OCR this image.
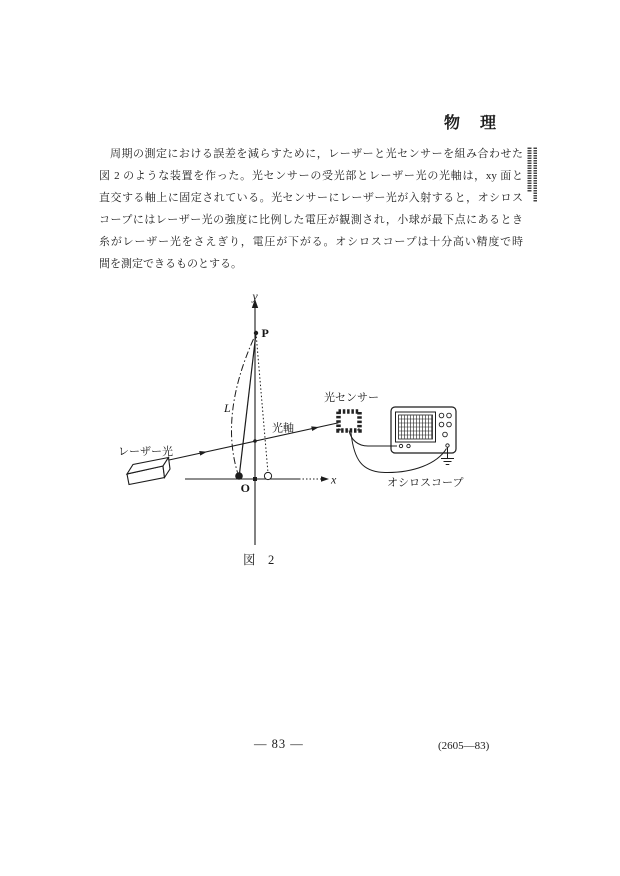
物　理
〓〓〓〓〓〓〓〓〓〓〓〓〓〓〓〓〓〓〓〓
周期の測定における誤差を減らすために，レーザーと光センサーを組み合わせた
図 2 のような装置を作った。光センサーの受光部とレーザー光の光軸は，xy 面と
直交する軸上に固定されている。光センサーにレーザー光が入射すると，オシロス
コープにはレーザー光の強度に比例した電圧が観測され，小球が最下点にあるとき
糸がレーザー光をさえぎり，電圧が下がる。オシロスコープは十分高い精度で時
間を測定できるものとする。
y
x
O
P
L
光軸
光センサー
レーザー光
オシロスコープ
図　2
— 83 —	(2605—83)
